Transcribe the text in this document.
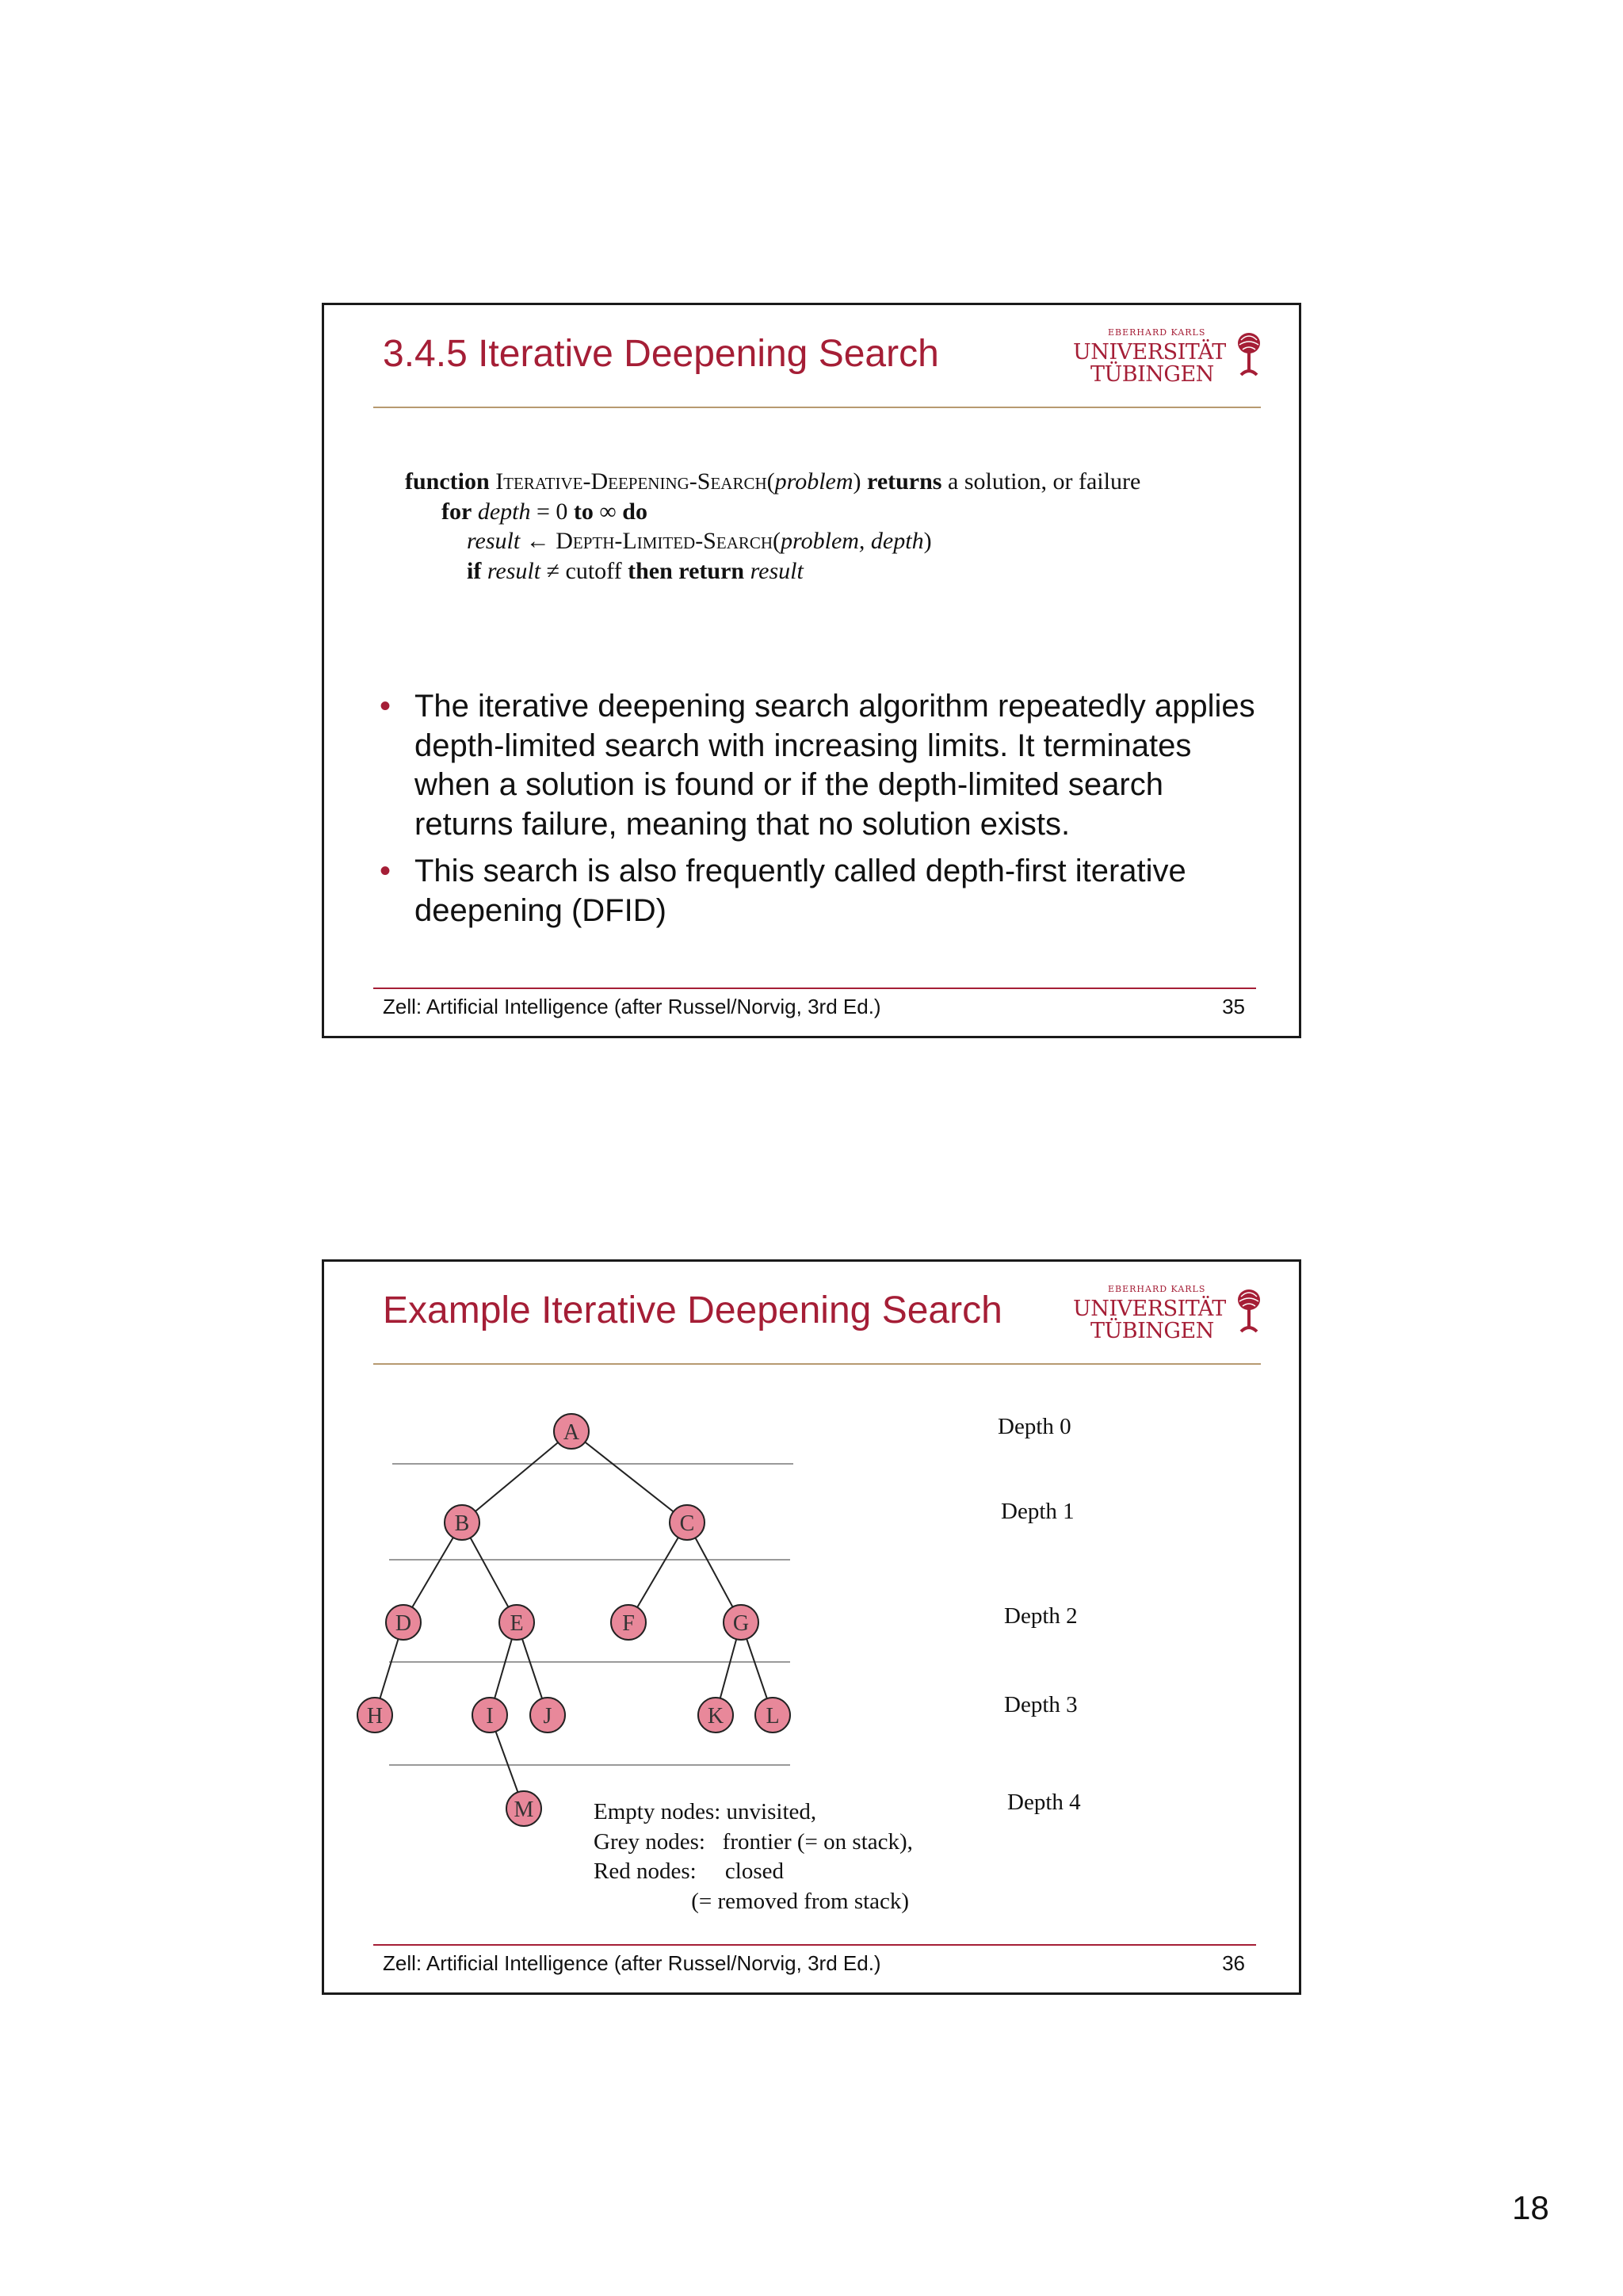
3.4.5 Iterative Deepening Search
EBERHARD KARLS
UNIVERSITÄT
TÜBINGEN
function Iterative-Deepening-Search(problem) returns a solution, or failure
for depth = 0 to ∞ do
result ← Depth-Limited-Search(problem, depth)
if result ≠ cutoff then return result
• The iterative deepening search algorithm repeatedly applies depth-limited search with increasing limits. It terminates when a solution is found or if the depth-limited search returns failure, meaning that no solution exists.
• This search is also frequently called depth-first iterative deepening (DFID)
Zell: Artificial Intelligence (after Russel/Norvig, 3rd Ed.)	35
Example Iterative Deepening Search
EBERHARD KARLS
UNIVERSITÄT
TÜBINGEN
A
B	C
D	E	F	G
H	I J	K L
M
Depth 0
Depth 1
Depth 2
Depth 3
Depth 4
Empty nodes: unvisited,
Grey nodes:   frontier (= on stack),
Red nodes:     closed
(= removed from stack)
Zell: Artificial Intelligence (after Russel/Norvig, 3rd Ed.)	36
18
